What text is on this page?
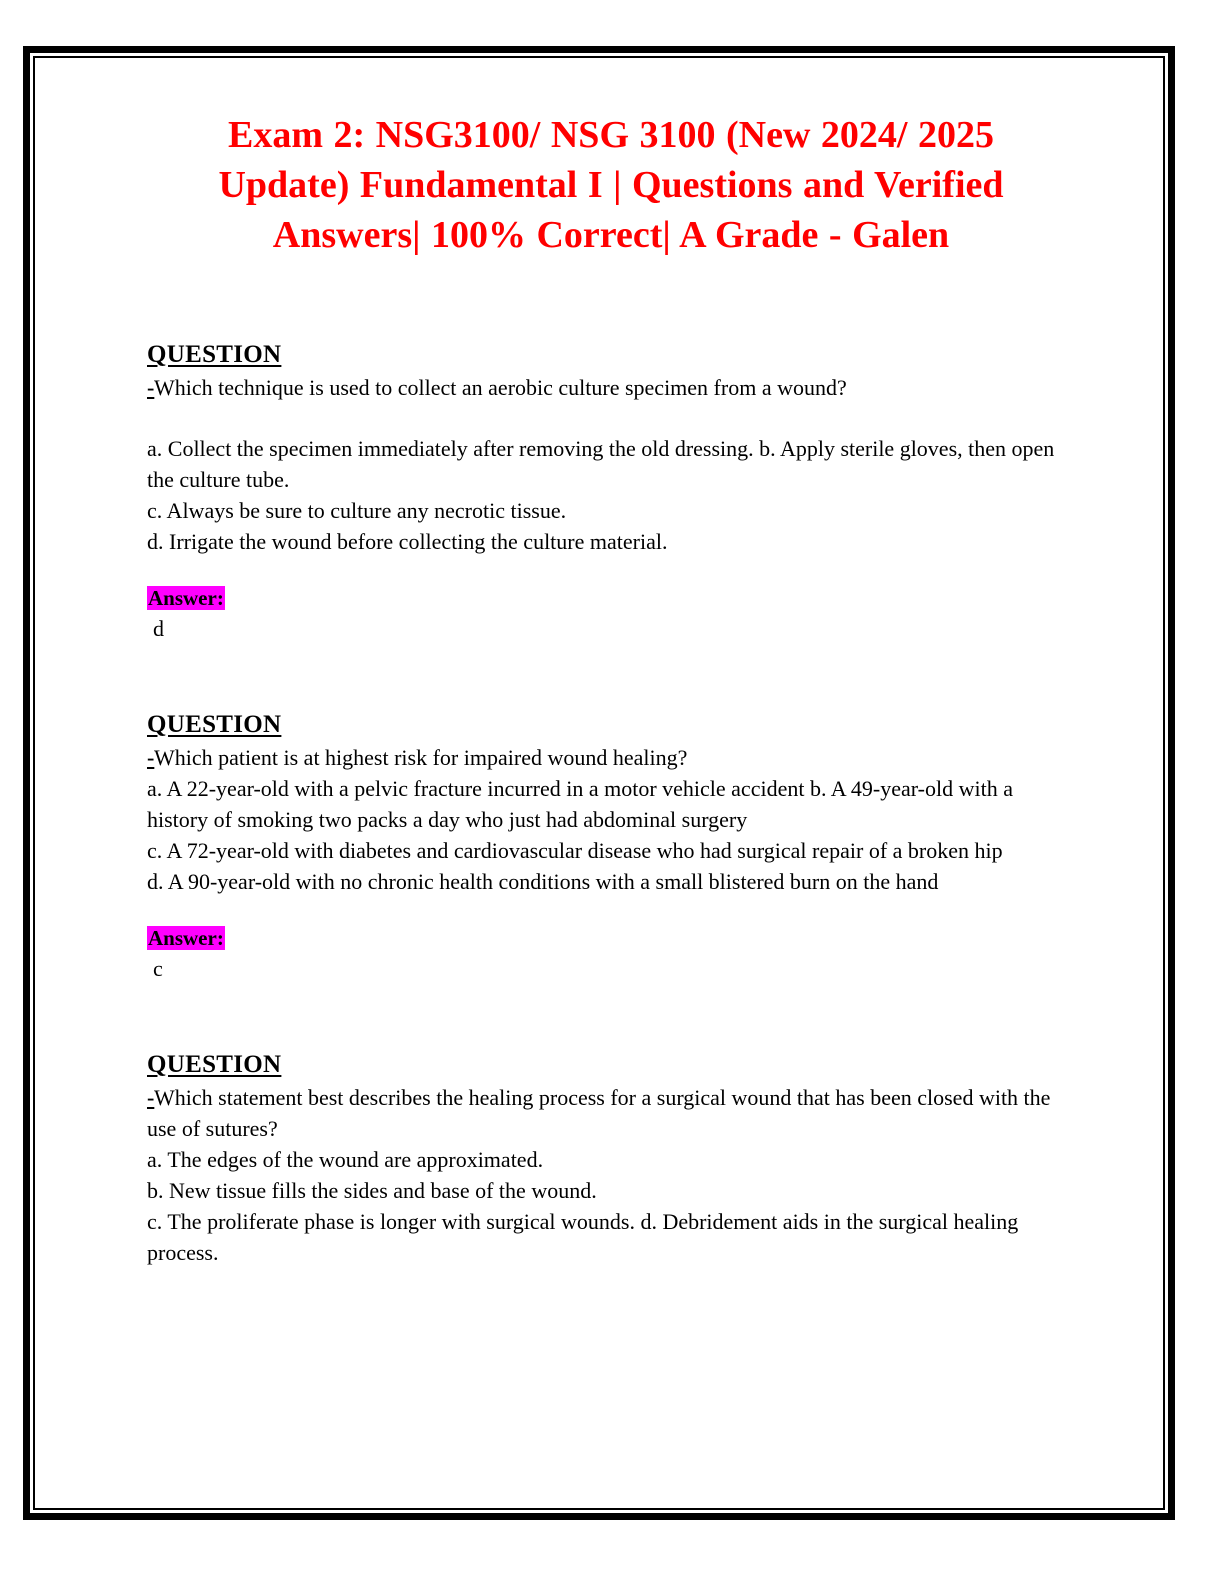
Exam 2: NSG3100/ NSG 3100 (New 2024/ 2025 Update) Fundamental I | Questions and Verified Answers| 100% Correct| A Grade - Galen
QUESTION
-Which technique is used to collect an aerobic culture specimen from a wound?
a. Collect the specimen immediately after removing the old dressing. b. Apply sterile gloves, then open the culture tube.
c. Always be sure to culture any necrotic tissue.
d. Irrigate the wound before collecting the culture material.
Answer:
d
QUESTION
-Which patient is at highest risk for impaired wound healing?
a. A 22-year-old with a pelvic fracture incurred in a motor vehicle accident b. A 49-year-old with a history of smoking two packs a day who just had abdominal surgery
c. A 72-year-old with diabetes and cardiovascular disease who had surgical repair of a broken hip
d. A 90-year-old with no chronic health conditions with a small blistered burn on the hand
Answer:
c
QUESTION
-Which statement best describes the healing process for a surgical wound that has been closed with the use of sutures?
a. The edges of the wound are approximated.
b. New tissue fills the sides and base of the wound.
c. The proliferate phase is longer with surgical wounds. d. Debridement aids in the surgical healing process.
